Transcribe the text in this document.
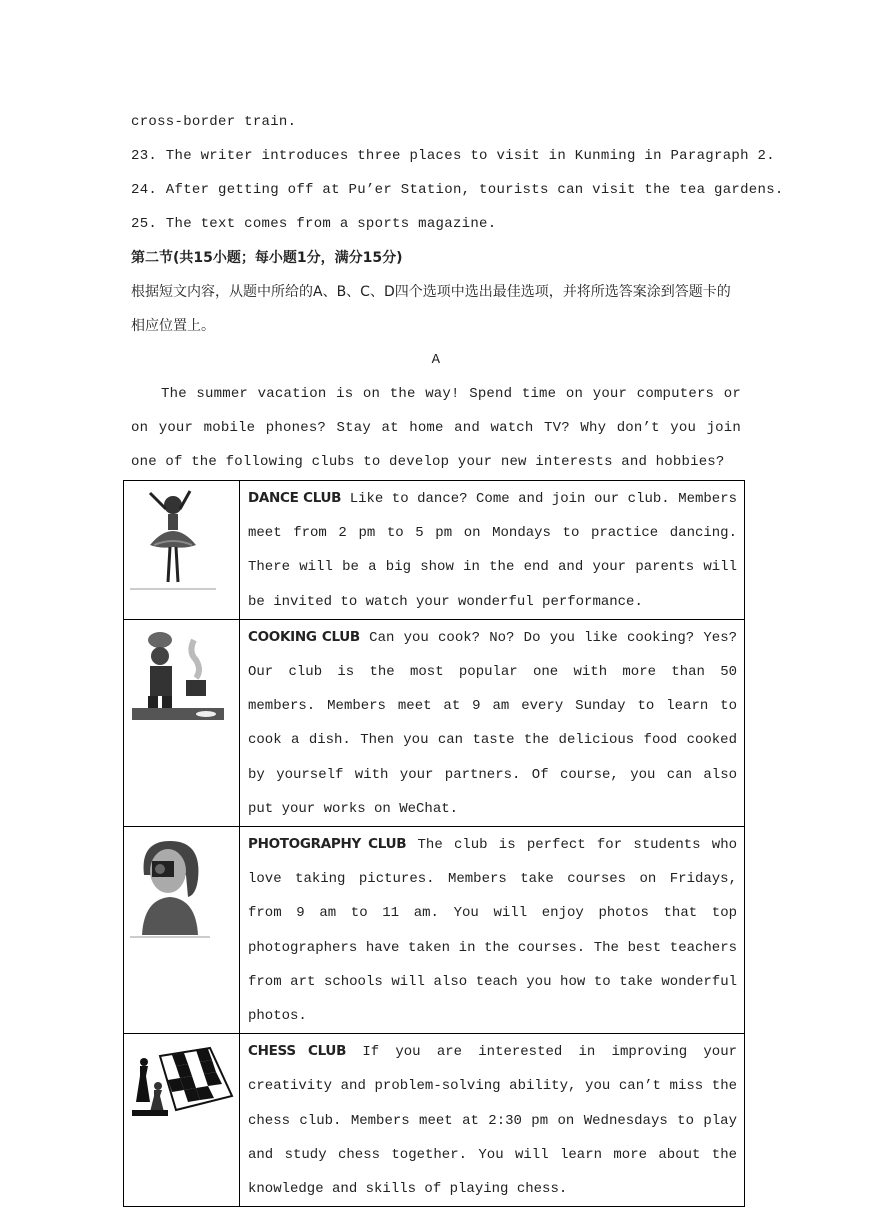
cross-border train.
23. The writer introduces three places to visit in Kunming in Paragraph 2.
24. After getting off at Pu’er Station, tourists can visit the tea gardens.
25. The text comes from a sports magazine.
第二节(共15小题；每小题1分，满分15分)
根据短文内容，从题中所给的A、B、C、D四个选项中选出最佳选项，并将所选答案涂到答题卡的相应位置上。
A
The summer vacation is on the way! Spend time on your computers or on your mobile phones? Stay at home and watch TV? Why don’t you join one of the following clubs to develop your new interests and hobbies?
	DANCE CLUB Like to dance? Come and join our club. Members meet from 2 pm to 5 pm on Mondays to practice dancing. There will be a big show in the end and your parents will be invited to watch your wonderful performance.

	COOKING CLUB Can you cook? No? Do you like cooking? Yes? Our club is the most popular one with more than 50 members. Members meet at 9 am every Sunday to learn to cook a dish. Then you can taste the delicious food cooked by yourself with your partners. Of course, you can also put your works on WeChat.

	PHOTOGRAPHY CLUB The club is perfect for students who love taking pictures. Members take courses on Fridays, from 9 am to 11 am. You will enjoy photos that top photographers have taken in the courses. The best teachers from art schools will also teach you how to take wonderful photos.

	CHESS CLUB If you are interested in improving your creativity and problem-solving ability, you can’t miss the chess club. Members meet at 2:30 pm on Wednesdays to play and study chess together. You will learn more about the knowledge and skills of playing chess.
